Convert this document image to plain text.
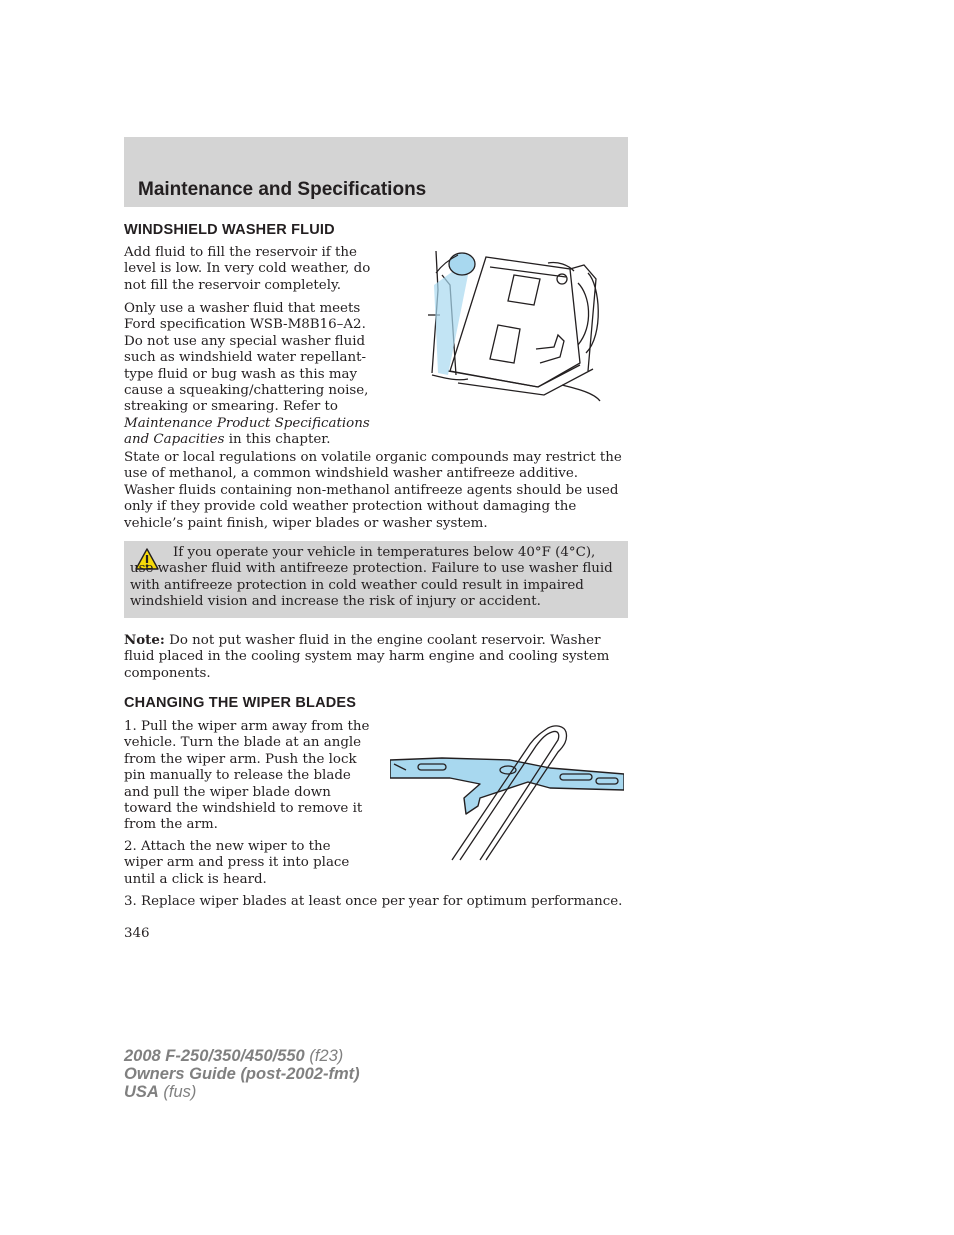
Maintenance and Specifications
WINDSHIELD WASHER FLUID

Add fluid to fill the reservoir if the level is low. In very cold weather, do not fill the reservoir completely.

Only use a washer fluid that meets Ford specification WSB-M8B16–A2. Do not use any special washer fluid such as windshield water repellant-type fluid or bug wash as this may cause a squeaking/chattering noise, streaking or smearing. Refer to Maintenance Product Specifications and Capacities in this chapter.

State or local regulations on volatile organic compounds may restrict the use of methanol, a common windshield washer antifreeze additive. Washer fluids containing non-methanol antifreeze agents should be used only if they provide cold weather protection without damaging the vehicle’s paint finish, wiper blades or washer system.

If you operate your vehicle in temperatures below 40°F (4°C), use washer fluid with antifreeze protection. Failure to use washer fluid with antifreeze protection in cold weather could result in impaired windshield vision and increase the risk of injury or accident.

Note: Do not put washer fluid in the engine coolant reservoir. Washer fluid placed in the cooling system may harm engine and cooling system components.

CHANGING THE WIPER BLADES

1. Pull the wiper arm away from the vehicle. Turn the blade at an angle from the wiper arm. Push the lock pin manually to release the blade and pull the wiper blade down toward the windshield to remove it from the arm.

2. Attach the new wiper to the wiper arm and press it into place until a click is heard.

3. Replace wiper blades at least once per year for optimum performance.

346
2008 F-250/350/450/550 (f23)
Owners Guide (post-2002-fmt)
USA (fus)
